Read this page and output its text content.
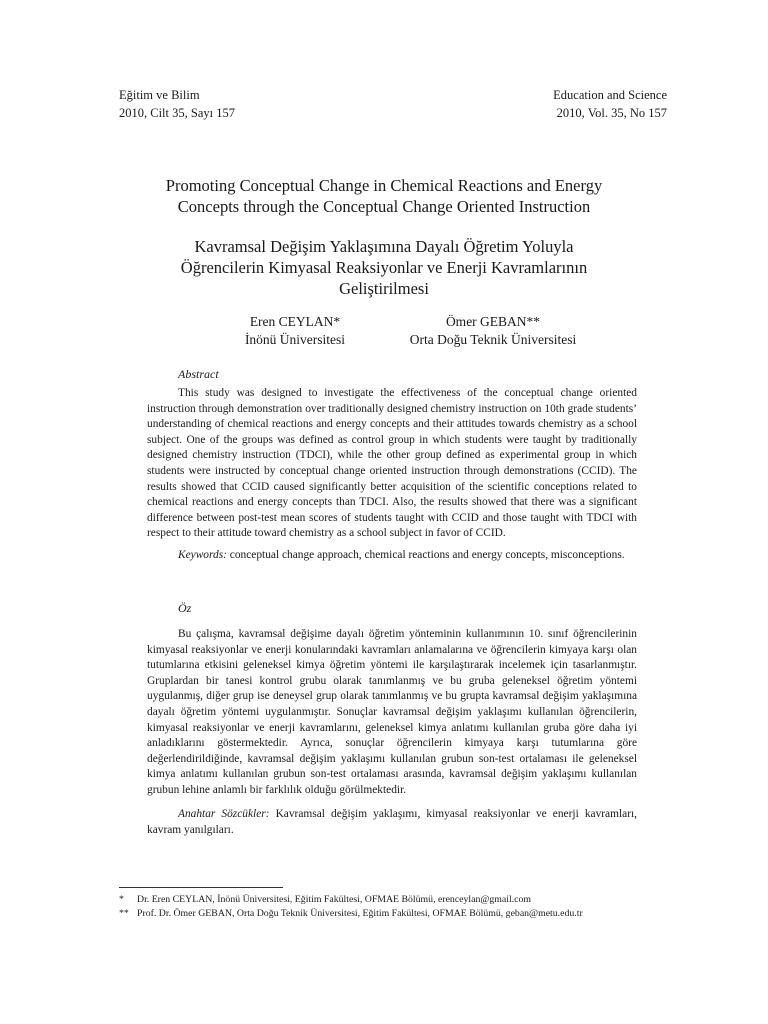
Eğitim ve Bilim
2010, Cilt 35, Sayı 157
Education and Science
2010, Vol. 35, No 157
Promoting Conceptual Change in Chemical Reactions and Energy
Concepts through the Conceptual Change Oriented Instruction
Kavramsal Değişim Yaklaşımına Dayalı Öğretim Yoluyla
Öğrencilerin Kimyasal Reaksiyonlar ve Enerji Kavramlarının
Geliştirilmesi
Eren CEYLAN*
İnönü Üniversitesi
Ömer GEBAN**
Orta Doğu Teknik Üniversitesi
Abstract
This study was designed to investigate the effectiveness of the conceptual change oriented instruction through demonstration over traditionally designed chemistry instruction on 10th grade students’ understanding of chemical reactions and energy concepts and their attitudes towards chemistry as a school subject. One of the groups was defined as control group in which students were taught by traditionally designed chemistry instruction (TDCI), while the other group defined as experimental group in which students were instructed by conceptual change oriented instruction through demonstrations (CCID). The results showed that CCID caused significantly better acquisition of the scientific conceptions related to chemical reactions and energy concepts than TDCI. Also, the results showed that there was a significant difference between post-test mean scores of students taught with CCID and those taught with TDCI with respect to their attitude toward chemistry as a school subject in favor of CCID.
Keywords: conceptual change approach, chemical reactions and energy concepts, misconceptions.
Öz
Bu çalışma, kavramsal değişime dayalı öğretim yönteminin kullanımının 10. sınıf öğrencilerinin kimyasal reaksiyonlar ve enerji konularındaki kavramları anlamalarına ve öğrencilerin kimyaya karşı olan tutumlarına etkisini geleneksel kimya öğretim yöntemi ile karşılaştırarak incelemek için tasarlanmıştır. Gruplardan bir tanesi kontrol grubu olarak tanımlanmış ve bu gruba geleneksel öğretim yöntemi uygulanmış, diğer grup ise deneysel grup olarak tanımlanmış ve bu grupta kavramsal değişim yaklaşımına dayalı öğretim yöntemi uygulanmıştır. Sonuçlar kavramsal değişim yaklaşımı kullanılan öğrencilerin, kimyasal reaksiyonlar ve enerji kavramlarını, geleneksel kimya anlatımı kullanılan gruba göre daha iyi anladıklarını göstermektedir. Ayrıca, sonuçlar öğrencilerin kimyaya karşı tutumlarına göre değerlendirildiğinde, kavramsal değişim yaklaşımı kullanılan grubun son-test ortalaması ile geleneksel kimya anlatımı kullanılan grubun son-test ortalaması arasında, kavramsal değişim yaklaşımı kullanılan grubun lehine anlamlı bir farklılık olduğu görülmektedir.
Anahtar Sözcükler: Kavramsal değişim yaklaşımı, kimyasal reaksiyonlar ve enerji kavramları, kavram yanılgıları.
* Dr. Eren CEYLAN, İnönü Üniversitesi, Eğitim Fakültesi, OFMAE Bölümü, erenceylan@gmail.com
** Prof. Dr. Ömer GEBAN, Orta Doğu Teknik Üniversitesi, Eğitim Fakültesi, OFMAE Bölümü, geban@metu.edu.tr
